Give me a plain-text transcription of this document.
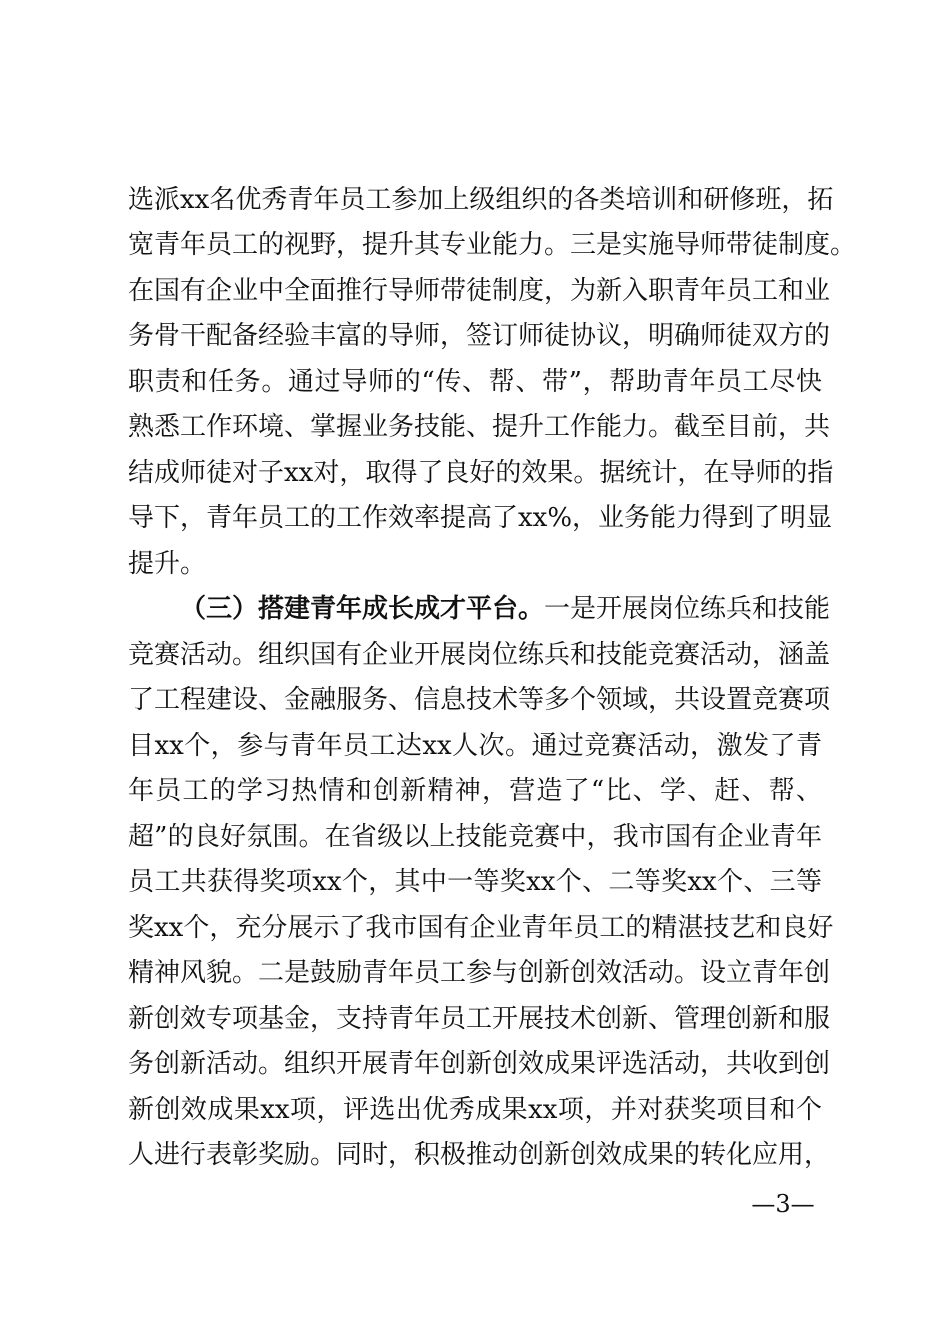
选派xx名优秀青年员工参加上级组织的各类培训和研修班，拓
宽青年员工的视野，提升其专业能力。三是实施导师带徒制度。
在国有企业中全面推行导师带徒制度，为新入职青年员工和业
务骨干配备经验丰富的导师，签订师徒协议，明确师徒双方的
职责和任务。通过导师的“传、帮、带”，帮助青年员工尽快
熟悉工作环境、掌握业务技能、提升工作能力。截至目前，共
结成师徒对子xx对，取得了良好的效果。据统计，在导师的指
导下，青年员工的工作效率提高了xx%，业务能力得到了明显
提升。
（三）搭建青年成长成才平台。一是开展岗位练兵和技能
竞赛活动。组织国有企业开展岗位练兵和技能竞赛活动，涵盖
了工程建设、金融服务、信息技术等多个领域，共设置竞赛项
目xx个，参与青年员工达xx人次。通过竞赛活动，激发了青
年员工的学习热情和创新精神，营造了“比、学、赶、帮、
超”的良好氛围。在省级以上技能竞赛中，我市国有企业青年
员工共获得奖项xx个，其中一等奖xx个、二等奖xx个、三等
奖xx个，充分展示了我市国有企业青年员工的精湛技艺和良好
精神风貌。二是鼓励青年员工参与创新创效活动。设立青年创
新创效专项基金，支持青年员工开展技术创新、管理创新和服
务创新活动。组织开展青年创新创效成果评选活动，共收到创
新创效成果xx项，评选出优秀成果xx项，并对获奖项目和个
人进行表彰奖励。同时，积极推动创新创效成果的转化应用，
—3—
